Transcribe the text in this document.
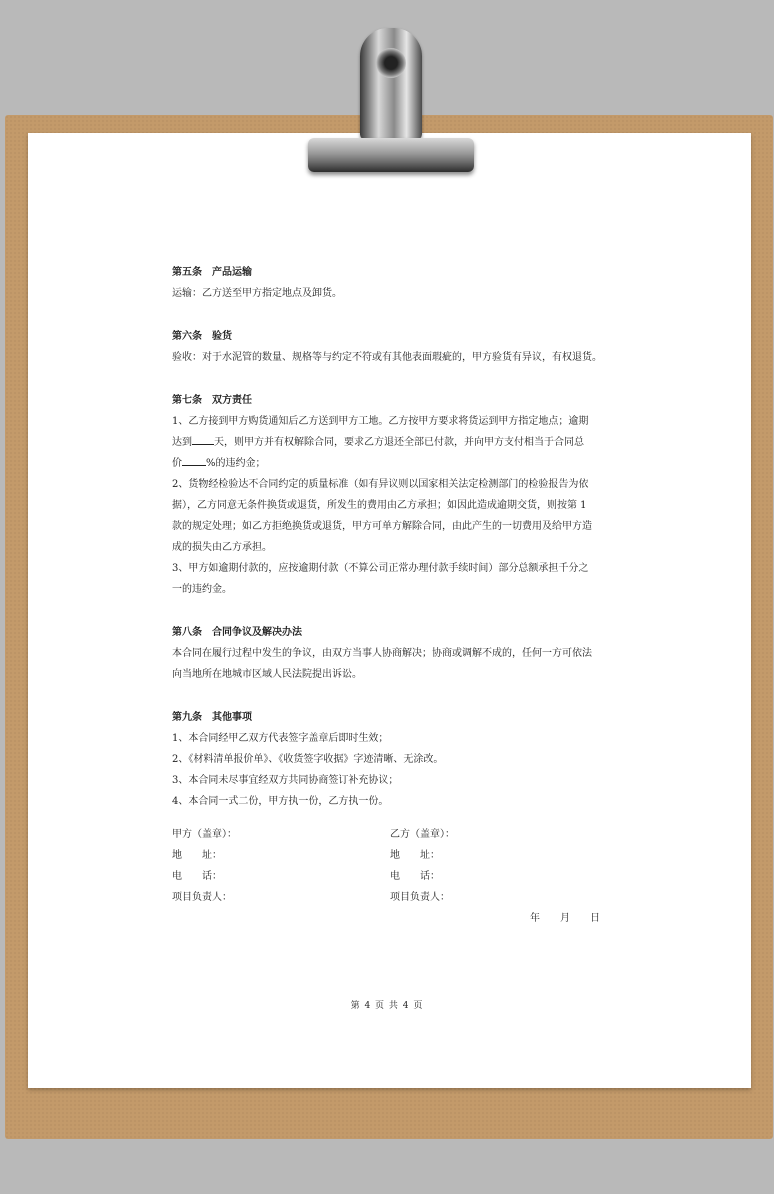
第五条　产品运输
运输：乙方送至甲方指定地点及卸货。
第六条　验货
验收：对于水泥管的数量、规格等与约定不符或有其他表面瑕疵的，甲方验货有异议，有权退货。
第七条　双方责任
1、乙方接到甲方购货通知后乙方送到甲方工地。乙方按甲方要求将货运到甲方指定地点；逾期
达到 天，则甲方并有权解除合同，要求乙方退还全部已付款，并向甲方支付相当于合同总
价 %的违约金；
2、货物经检验达不合同约定的质量标准（如有异议则以国家相关法定检测部门的检验报告为依
据），乙方同意无条件换货或退货，所发生的费用由乙方承担；如因此造成逾期交货，则按第 1
款的规定处理；如乙方拒绝换货或退货，甲方可单方解除合同，由此产生的一切费用及给甲方造
成的损失由乙方承担。
3、甲方如逾期付款的，应按逾期付款（不算公司正常办理付款手续时间）部分总额承担千分之
一的违约金。
第八条　合同争议及解决办法
本合同在履行过程中发生的争议，由双方当事人协商解决；协商或调解不成的，任何一方可依法
向当地所在地城市区域人民法院提出诉讼。
第九条　其他事项
1、本合同经甲乙双方代表签字盖章后即时生效；
2、《材料清单报价单》、《收货签字收据》字迹清晰、无涂改。
3、本合同未尽事宜经双方共同协商签订补充协议；
4、本合同一式二份，甲方执一份，乙方执一份。
甲方（盖章）：
地　　址：
电　　话：
项目负责人：
乙方（盖章）：
地　　址：
电　　话：
项目负责人：
年　　月　　日
第 4 页 共 4 页
